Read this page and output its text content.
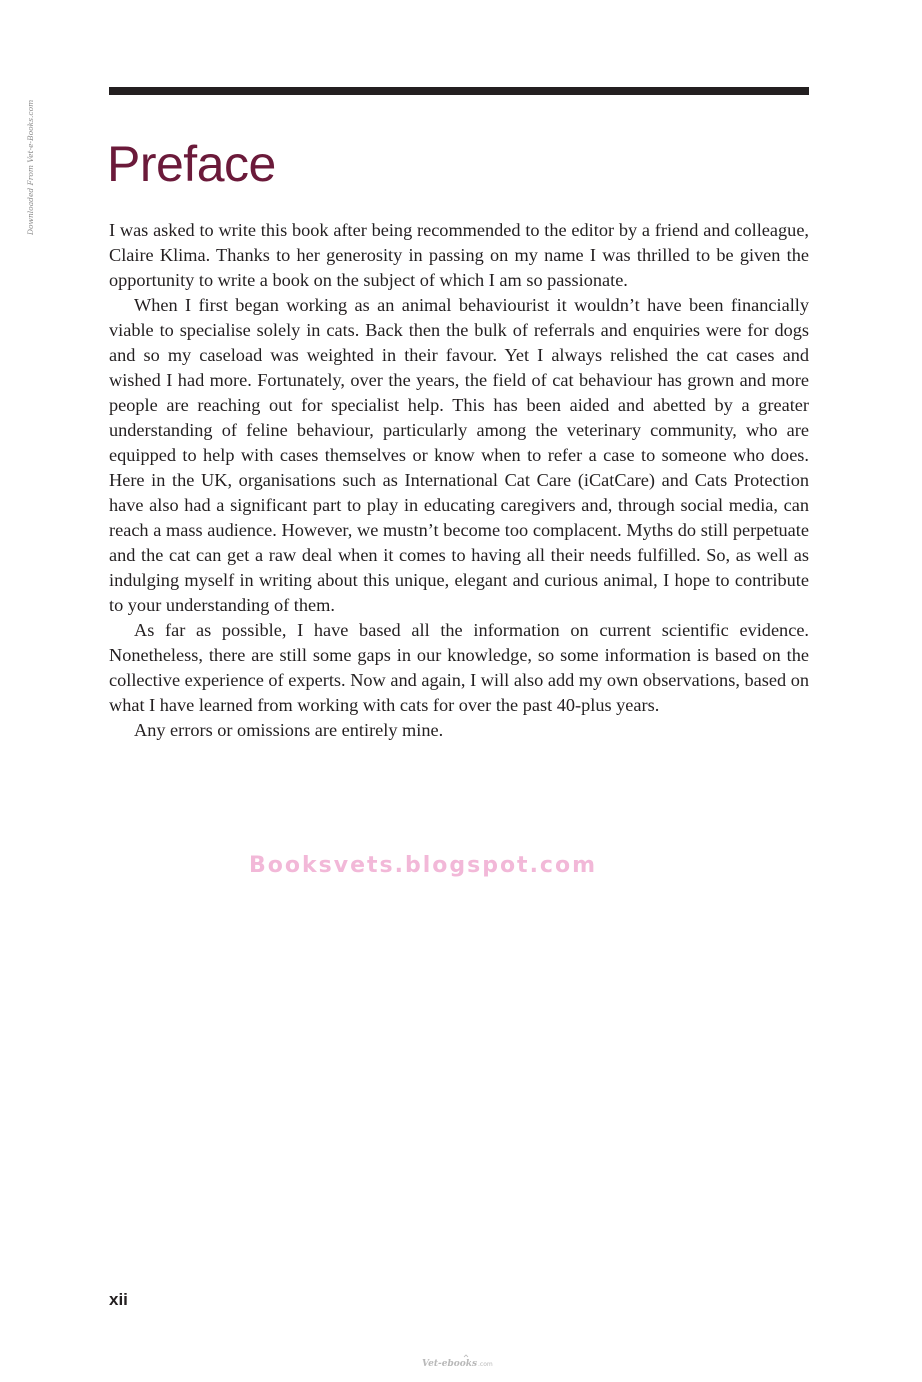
Downloaded From Vet-e-Books.com Preface

I was asked to write this book after being recommended to the editor by a friend and colleague, Claire Klima. Thanks to her generosity in passing on my name I was thrilled to be given the opportunity to write a book on the subject of which I am so passionate.

When I first began working as an animal behaviourist it wouldn’t have been financially viable to specialise solely in cats. Back then the bulk of referrals and enquiries were for dogs and so my caseload was weighted in their favour. Yet I always relished the cat cases and wished I had more. Fortunately, over the years, the field of cat behaviour has grown and more people are reaching out for specialist help. This has been aided and abetted by a greater understanding of feline behaviour, particularly among the veterinary community, who are equipped to help with cases themselves or know when to refer a case to someone who does. Here in the UK, organisations such as International Cat Care (iCatCare) and Cats Protection have also had a significant part to play in educating caregivers and, through social media, can reach a mass audience. However, we mustn’t become too complacent. Myths do still perpetuate and the cat can get a raw deal when it comes to having all their needs fulfilled. So, as well as indulging myself in writing about this unique, elegant and curious animal, I hope to contribute to your understanding of them.

As far as possible, I have based all the information on current scientific evidence. Nonetheless, there are still some gaps in our knowledge, so some information is based on the collective experience of experts. Now and again, I will also add my own observations, based on what I have learned from working with cats for over the past 40-plus years.

Any errors or omissions are entirely mine.

Booksvets.blogspot.com
xii
Vet-ebooks .com
